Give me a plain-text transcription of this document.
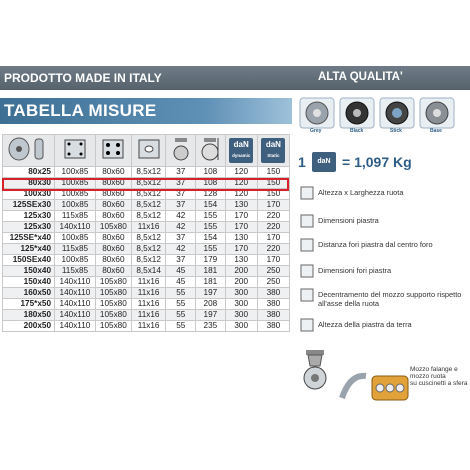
PRODOTTO MADE IN ITALY	ALTA QUALITA'
TABELLA MISURE

daN
dynamic	daN
Static

80x25	100x85	80x60	8,5x12	37	108	120	150
80x30	100x85	80x60	8,5x12	37	108	120	150
100x30	100x85	80x60	8,5x12	37	128	120	150
125SEx30	100x85	80x60	8,5x12	37	154	130	170
125x30	115x85	80x60	8,5x12	42	155	170	220
125x30	140x110	105x80	11x16	42	155	170	220
125SE*x40	100x85	80x60	8,5x12	37	154	130	170
125*x40	115x85	80x60	8,5x12	42	155	170	220
150SEx40	100x85	80x60	8,5x12	37	179	130	170
150x40	115x85	80x60	8,5x14	45	181	200	250
150x40	140x110	105x80	11x16	45	181	200	250
160x50	140x110	105x80	11x16	55	197	300	380
175*x50	140x110	105x80	11x16	55	208	300	380
180x50	140x110	105x80	11x16	55	197	300	380
200x50	140x110	105x80	11x16	55	235	300	380
Grey	Black	Stick	Base
1	daN = 1,097 Kg
Mozzo falange e
mozzo ruota
su cuscinetti a sfera
Altezza x Larghezza ruota
Dimensioni piastra
Distanza fori piastra dal centro foro
Dimensioni fori piastra
Decentramento del mozzo supporto rispetto all'asse della ruota
Altezza della piastra da terra
